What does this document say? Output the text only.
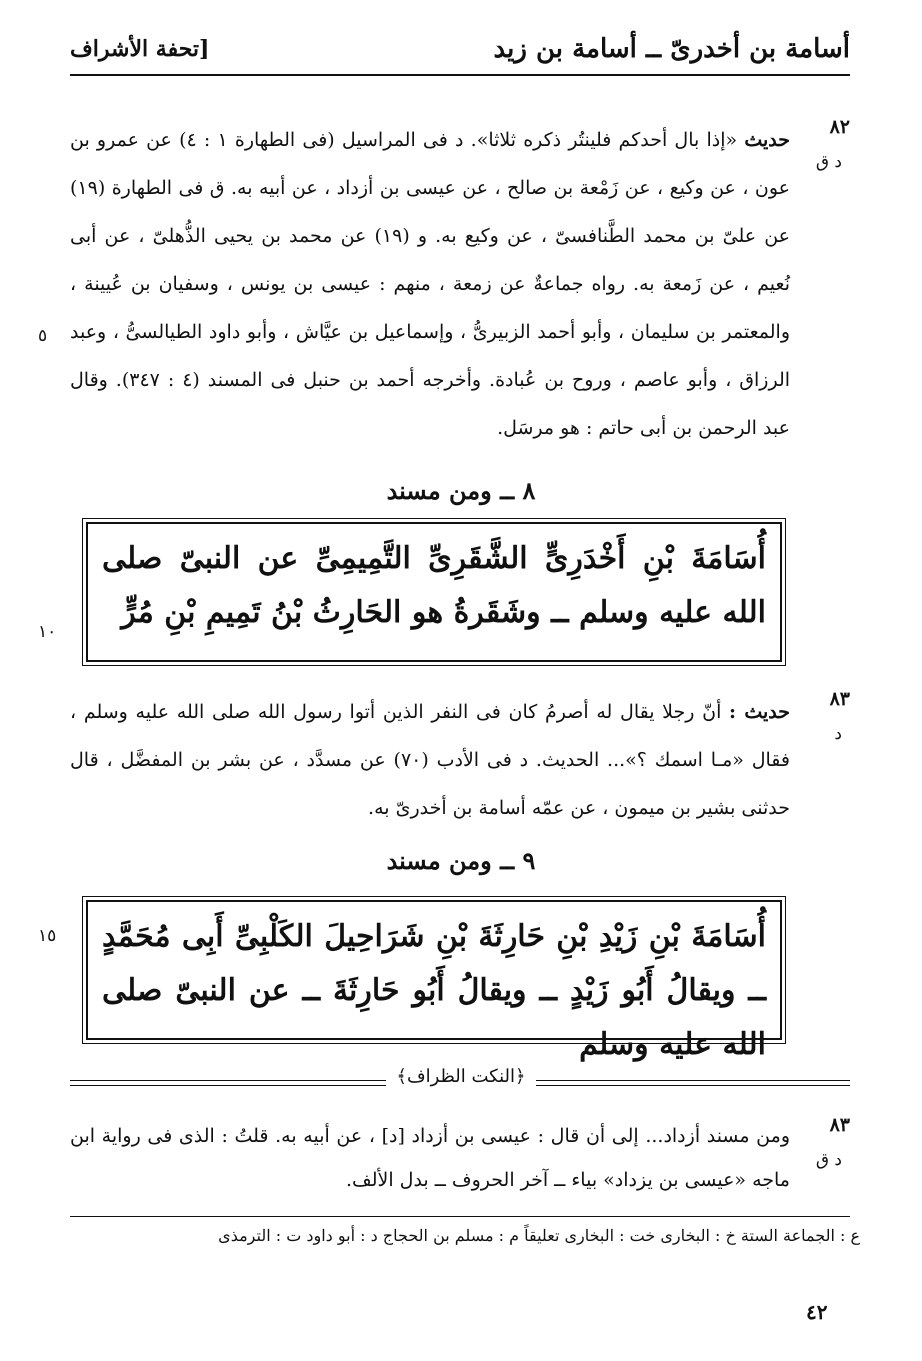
أسامة بن أخدرىّ ــ أسامة بن زيد
[تحفة الأشراف
٨٢
د ق
حديث «إذا بال أحدكم فلينتُر ذكره ثلاثا». د فى المراسيل (فى الطهارة ١ : ٤) عن عمرو بن عون ، عن وكيع ، عن زَمْعة بن صالح ، عن عيسى بن أزداد ، عن أبيه به. ق فى الطهارة (١٩) عن علىّ بن محمد الطَّنافسىّ ، عن وكيع به. و (١٩) عن محمد بن يحيى الذُّهلىّ ، عن أبى نُعيم ، عن زَمعة به. رواه جماعةٌ عن زمعة ، منهم : عيسى بن يونس ، وسفيان بن عُيينة ، والمعتمر بن سليمان ، وأبو أحمد الزبيرىُّ ، وإسماعيل بن عيَّاش ، وأبو داود الطيالسىُّ ، وعبد الرزاق ، وأبو عاصم ، وروح بن عُبادة. وأخرجه أحمد بن حنبل فى المسند (٤ : ٣٤٧). وقال عبد الرحمن بن أبى حاتم : هو مرسَل.
٥
٨ ــ ومن مسند
أُسَامَةَ بْنِ أَخْدَرِىٍّ الشَّقَرِىِّ التَّمِيمِىِّ عن النبىّ صلى الله عليه وسلم ــ وشَقَرةُ هو الحَارِثُ بْنُ تَمِيمِ بْنِ مُرٍّ
١٠
٨٣
د
حديث : أنّ رجلا يقال له أصرمُ كان فى النفر الذين أتوا رسول الله صلى الله عليه وسلم ، فقال «مـا اسمك ؟»... الحديث. د فى الأدب (٧٠) عن مسدَّد ، عن بشر بن المفضَّل ، قال حدثنى بشير بن ميمون ، عن عمّه أسامة بن أخدرىّ به.
٩ ــ ومن مسند
أُسَامَةَ بْنِ زَيْدِ بْنِ حَارِثَةَ بْنِ شَرَاحِيلَ الكَلْبِىِّ أَبِى مُحَمَّدٍ ــ ويقالُ أَبُو زَيْدٍ ــ ويقالُ أَبُو حَارِثَةَ ــ عن النبىّ صلى الله عليه وسلم
١٥
﴿النكت الظراف﴾
٨٣
د ق
ومن مسند أزداد... إلى أن قال : عيسى بن أزداد [د] ، عن أبيه به. قلتُ : الذى فى رواية ابن ماجه «عيسى بن يزداد» بياء ــ آخر الحروف ــ بدل الألف.
ع : الجماعة الستة خ : البخارى خت : البخارى تعليقاً م : مسلم بن الحجاج د : أبو داود ت : الترمذى
٤٢
